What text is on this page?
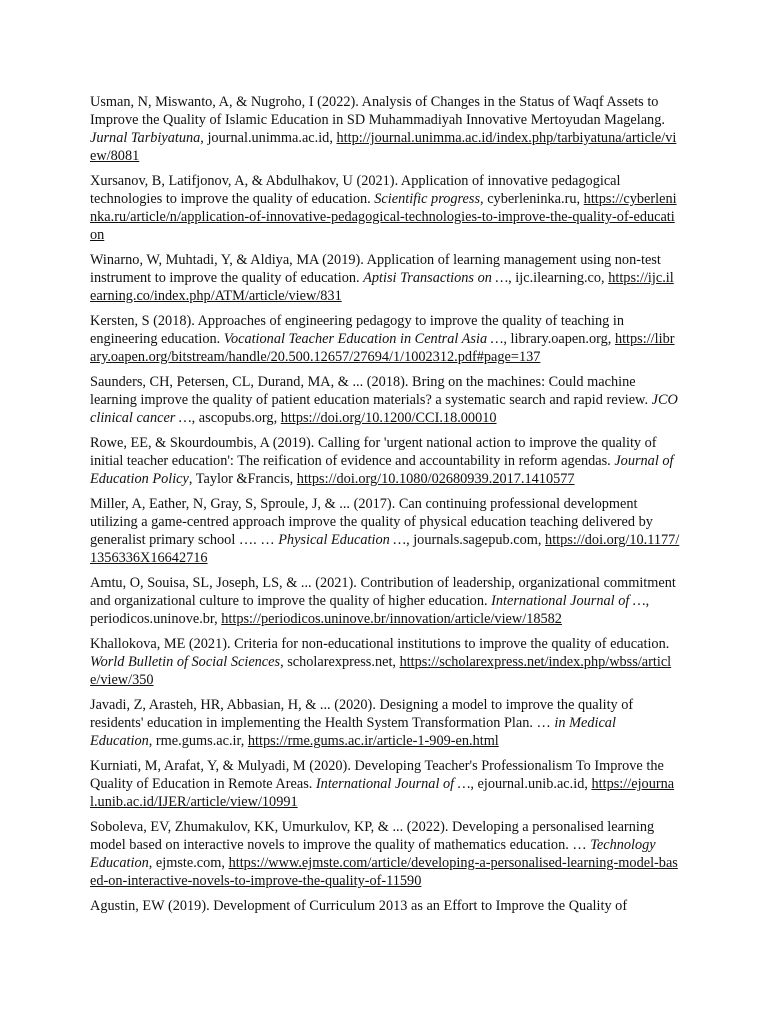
Usman, N, Miswanto, A, & Nugroho, I (2022). Analysis of Changes in the Status of Waqf Assets to Improve the Quality of Islamic Education in SD Muhammadiyah Innovative Mertoyudan Magelang. Jurnal Tarbiyatuna, journal.unimma.ac.id, http://journal.unimma.ac.id/index.php/tarbiyatuna/article/view/8081

Xursanov, B, Latifjonov, A, & Abdulhakov, U (2021). Application of innovative pedagogical technologies to improve the quality of education. Scientific progress, cyberleninka.ru, https://cyberleninka.ru/article/n/application-of-innovative-pedagogical-technologies-to-improve-the-quality-of-education

Winarno, W, Muhtadi, Y, & Aldiya, MA (2019). Application of learning management using non-test instrument to improve the quality of education. Aptisi Transactions on …, ijc.ilearning.co, https://ijc.ilearning.co/index.php/ATM/article/view/831

Kersten, S (2018). Approaches of engineering pedagogy to improve the quality of teaching in engineering education. Vocational Teacher Education in Central Asia …, library.oapen.org, https://library.oapen.org/bitstream/handle/20.500.12657/27694/1/1002312.pdf#page=137

Saunders, CH, Petersen, CL, Durand, MA, & ... (2018). Bring on the machines: Could machine learning improve the quality of patient education materials? a systematic search and rapid review. JCO clinical cancer …, ascopubs.org, https://doi.org/10.1200/CCI.18.00010

Rowe, EE, & Skourdoumbis, A (2019). Calling for 'urgent national action to improve the quality of initial teacher education': The reification of evidence and accountability in reform agendas. Journal of Education Policy, Taylor &Francis, https://doi.org/10.1080/02680939.2017.1410577

Miller, A, Eather, N, Gray, S, Sproule, J, & ... (2017). Can continuing professional development utilizing a game-centred approach improve the quality of physical education teaching delivered by generalist primary school …. … Physical Education …, journals.sagepub.com, https://doi.org/10.1177/1356336X16642716

Amtu, O, Souisa, SL, Joseph, LS, & ... (2021). Contribution of leadership, organizational commitment and organizational culture to improve the quality of higher education. International Journal of …, periodicos.uninove.br, https://periodicos.uninove.br/innovation/article/view/18582

Khallokova, ME (2021). Criteria for non-educational institutions to improve the quality of education. World Bulletin of Social Sciences, scholarexpress.net, https://scholarexpress.net/index.php/wbss/article/view/350

Javadi, Z, Arasteh, HR, Abbasian, H, & ... (2020). Designing a model to improve the quality of residents' education in implementing the Health System Transformation Plan. … in Medical Education, rme.gums.ac.ir, https://rme.gums.ac.ir/article-1-909-en.html

Kurniati, M, Arafat, Y, & Mulyadi, M (2020). Developing Teacher's Professionalism To Improve the Quality of Education in Remote Areas. International Journal of …, ejournal.unib.ac.id, https://ejournal.unib.ac.id/IJER/article/view/10991

Soboleva, EV, Zhumakulov, KK, Umurkulov, KP, & ... (2022). Developing a personalised learning model based on interactive novels to improve the quality of mathematics education. … Technology Education, ejmste.com, https://www.ejmste.com/article/developing-a-personalised-learning-model-based-on-interactive-novels-to-improve-the-quality-of-11590

Agustin, EW (2019). Development of Curriculum 2013 as an Effort to Improve the Quality of
